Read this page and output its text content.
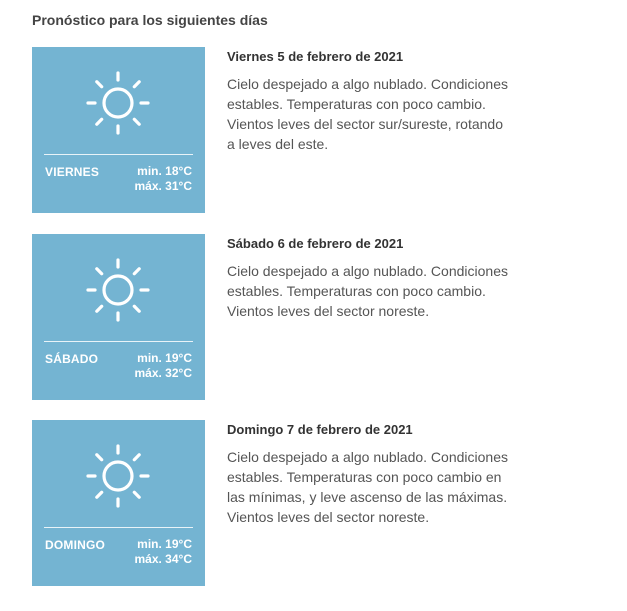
Pronóstico para los siguientes días
VIERNES	min. 18°C
máx. 31°C
Viernes 5 de febrero de 2021

Cielo despejado a algo nublado. Condiciones estables. Temperaturas con poco cambio. Vientos leves del sector sur/sureste, rotando a leves del este.

SÁBADO	min. 19°C
máx. 32°C
Sábado 6 de febrero de 2021

Cielo despejado a algo nublado. Condiciones estables. Temperaturas con poco cambio. Vientos leves del sector noreste.

DOMINGO	min. 19°C
máx. 34°C
Domingo 7 de febrero de 2021

Cielo despejado a algo nublado. Condiciones estables. Temperaturas con poco cambio en las mínimas, y leve ascenso de las máximas. Vientos leves del sector noreste.
